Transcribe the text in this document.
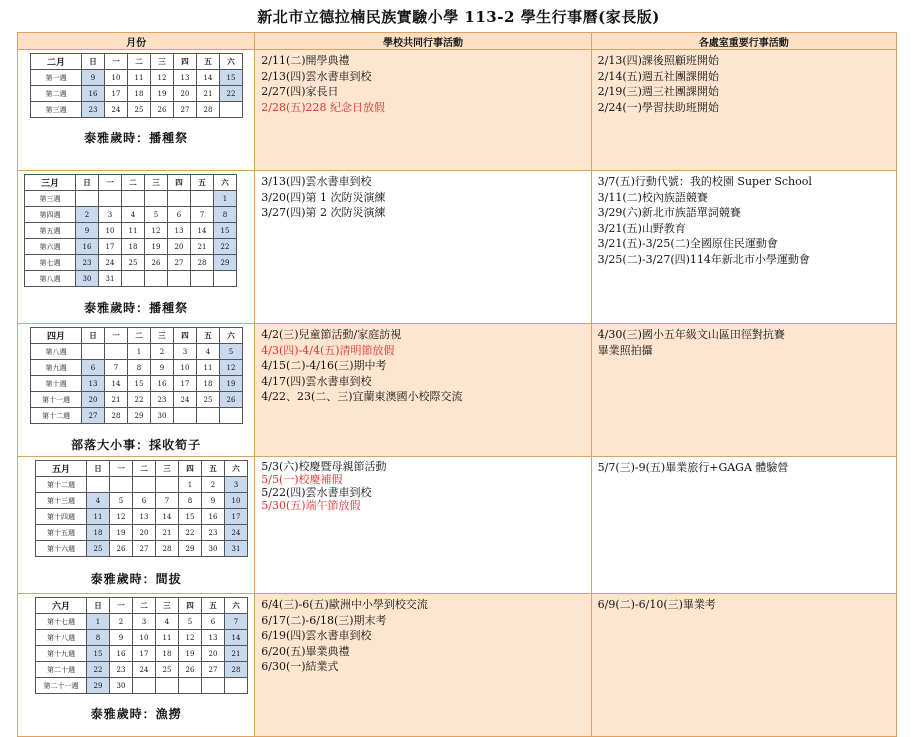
新北市立德拉楠民族實驗小學 113-2 學生行事曆(家長版)
月份	學校共同行事活動	各處室重要行事活動

二月	日	一	二	三	四	五	六
第一週	9	10	11	12	13	14	15
第二週	16	17	18	19	20	21	22
第三週	23	24	25	26	27	28	
泰雅歲時：播種祭

2/11(二)開學典禮
2/13(四)雲水書車到校
2/27(四)家長日
2/28(五)228 紀念日放假

2/13(四)課後照顧班開始
2/14(五)週五社團課開始
2/19(三)週三社團課開始
2/24(一)學習扶助班開始

三月	日	一	二	三	四	五	六
第三週							1
第四週	2	3	4	5	6	7	8
第五週	9	10	11	12	13	14	15
第六週	16	17	18	19	20	21	22
第七週	23	24	25	26	27	28	29
第八週	30	31					
泰雅歲時：播種祭

3/13(四)雲水書車到校
3/20(四)第 1 次防災演練
3/27(四)第 2 次防災演練

3/7(五)行動代號：我的校園 Super School
3/11(二)校內族語競賽
3/29(六)新北市族語單詞競賽
3/21(五)山野教育
3/21(五)-3/25(二)全國原住民運動會
3/25(二)-3/27(四)114年新北市小學運動會

四月	日	一	二	三	四	五	六
第八週			1	2	3	4	5
第九週	6	7	8	9	10	11	12
第十週	13	14	15	16	17	18	19
第十一週	20	21	22	23	24	25	26
第十二週	27	28	29	30			
部落大小事：採收筍子

4/2(三)兒童節活動/家庭訪視
4/3(四)-4/4(五)清明節放假
4/15(二)-4/16(三)期中考
4/17(四)雲水書車到校
4/22、23(二、三)宜蘭東澳國小校際交流

4/30(三)國小五年級文山區田徑對抗賽
畢業照拍攝

五月	日	一	二	三	四	五	六
第十二週					1	2	3
第十三週	4	5	6	7	8	9	10
第十四週	11	12	13	14	15	16	17
第十五週	18	19	20	21	22	23	24
第十六週	25	26	27	28	29	30	31
泰雅歲時：間拔

5/3(六)校慶暨母親節活動
5/5(一)校慶補假
5/22(四)雲水書車到校
5/30(五)端午節放假

5/7(三)-9(五)畢業旅行+GAGA 體驗營

六月	日	一	二	三	四	五	六
第十七週	1	2	3	4	5	6	7
第十八週	8	9	10	11	12	13	14
第十九週	15	16	17	18	19	20	21
第二十週	22	23	24	25	26	27	28
第二十一週	29	30					
泰雅歲時：漁撈

6/4(三)-6(五)歐洲中小學到校交流
6/17(二)-6/18(三)期末考
6/19(四)雲水書車到校
6/20(五)畢業典禮
6/30(一)結業式

6/9(二)-6/10(三)畢業考
